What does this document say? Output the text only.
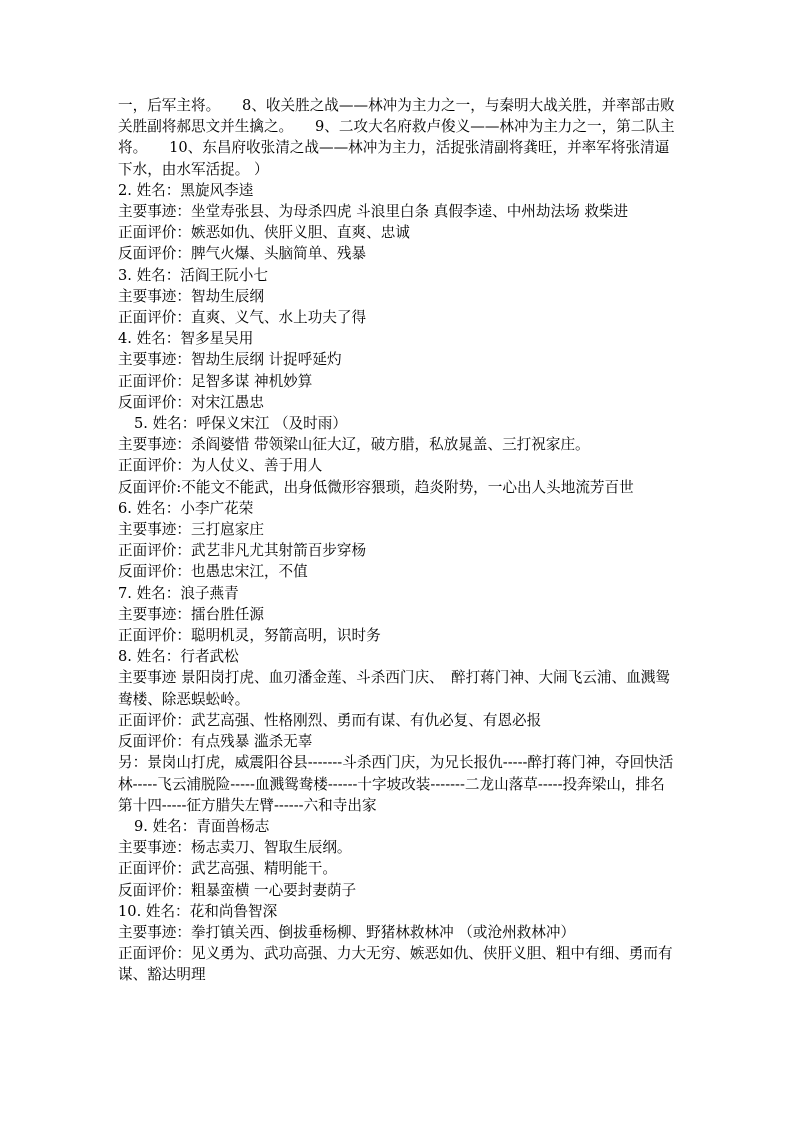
一，后军主将。　　8、收关胜之战——林冲为主力之一，与秦明大战关胜，并率部击败关胜副将郝思文并生擒之。　　9、二攻大名府救卢俊义——林冲为主力之一，第二队主将。　　10、东昌府收张清之战——林冲为主力，活捉张清副将龚旺，并率军将张清逼下水，由水军活捉。 ）
2. 姓名：黑旋风李逵
主要事迹：坐堂寿张县、为母杀四虎 斗浪里白条 真假李逵、中州劫法场 救柴进
正面评价：嫉恶如仇、侠肝义胆、直爽、忠诚
反面评价：脾气火爆、头脑简单、残暴
3. 姓名：活阎王阮小七
主要事迹：智劫生辰纲
正面评价：直爽、义气、水上功夫了得
4. 姓名：智多星吴用
主要事迹：智劫生辰纲 计捉呼延灼
正面评价：足智多谋 神机妙算
反面评价：对宋江愚忠
5. 姓名：呼保义宋江 （及时雨）
主要事迹：杀阎婆惜 带领梁山征大辽，破方腊，私放晁盖、三打祝家庄。
正面评价：为人仗义、善于用人
反面评价:不能文不能武，出身低微形容猥琐，趋炎附势，一心出人头地流芳百世
6. 姓名：小李广花荣
主要事迹：三打扈家庄
正面评价：武艺非凡尤其射箭百步穿杨
反面评价：也愚忠宋江，不值
7. 姓名：浪子燕青
主要事迹：擂台胜任源
正面评价：聪明机灵，努箭高明，识时务
8. 姓名：行者武松
主要事迹 景阳岗打虎、血刃潘金莲、斗杀西门庆、　醉打蒋门神、大闹飞云浦、血溅鸳鸯楼、除恶蜈蚣岭。
正面评价：武艺高强、性格刚烈、勇而有谋、有仇必复、有恩必报
反面评价：有点残暴 滥杀无辜
另：景岗山打虎，威震阳谷县-------斗杀西门庆，为兄长报仇-----醉打蒋门神，夺回快活林-----飞云浦脱险-----血溅鸳鸯楼------十字坡改装-------二龙山落草-----投奔梁山，排名第十四-----征方腊失左臂------六和寺出家
9. 姓名：青面兽杨志
主要事迹：杨志卖刀、智取生辰纲。
正面评价：武艺高强、精明能干。
反面评价：粗暴蛮横 一心要封妻荫子
10. 姓名：花和尚鲁智深
主要事迹：拳打镇关西、倒拔垂杨柳、野猪林救林冲 （或沧州救林冲）
正面评价：见义勇为、武功高强、力大无穷、嫉恶如仇、侠肝义胆、粗中有细、勇而有谋、豁达明理
